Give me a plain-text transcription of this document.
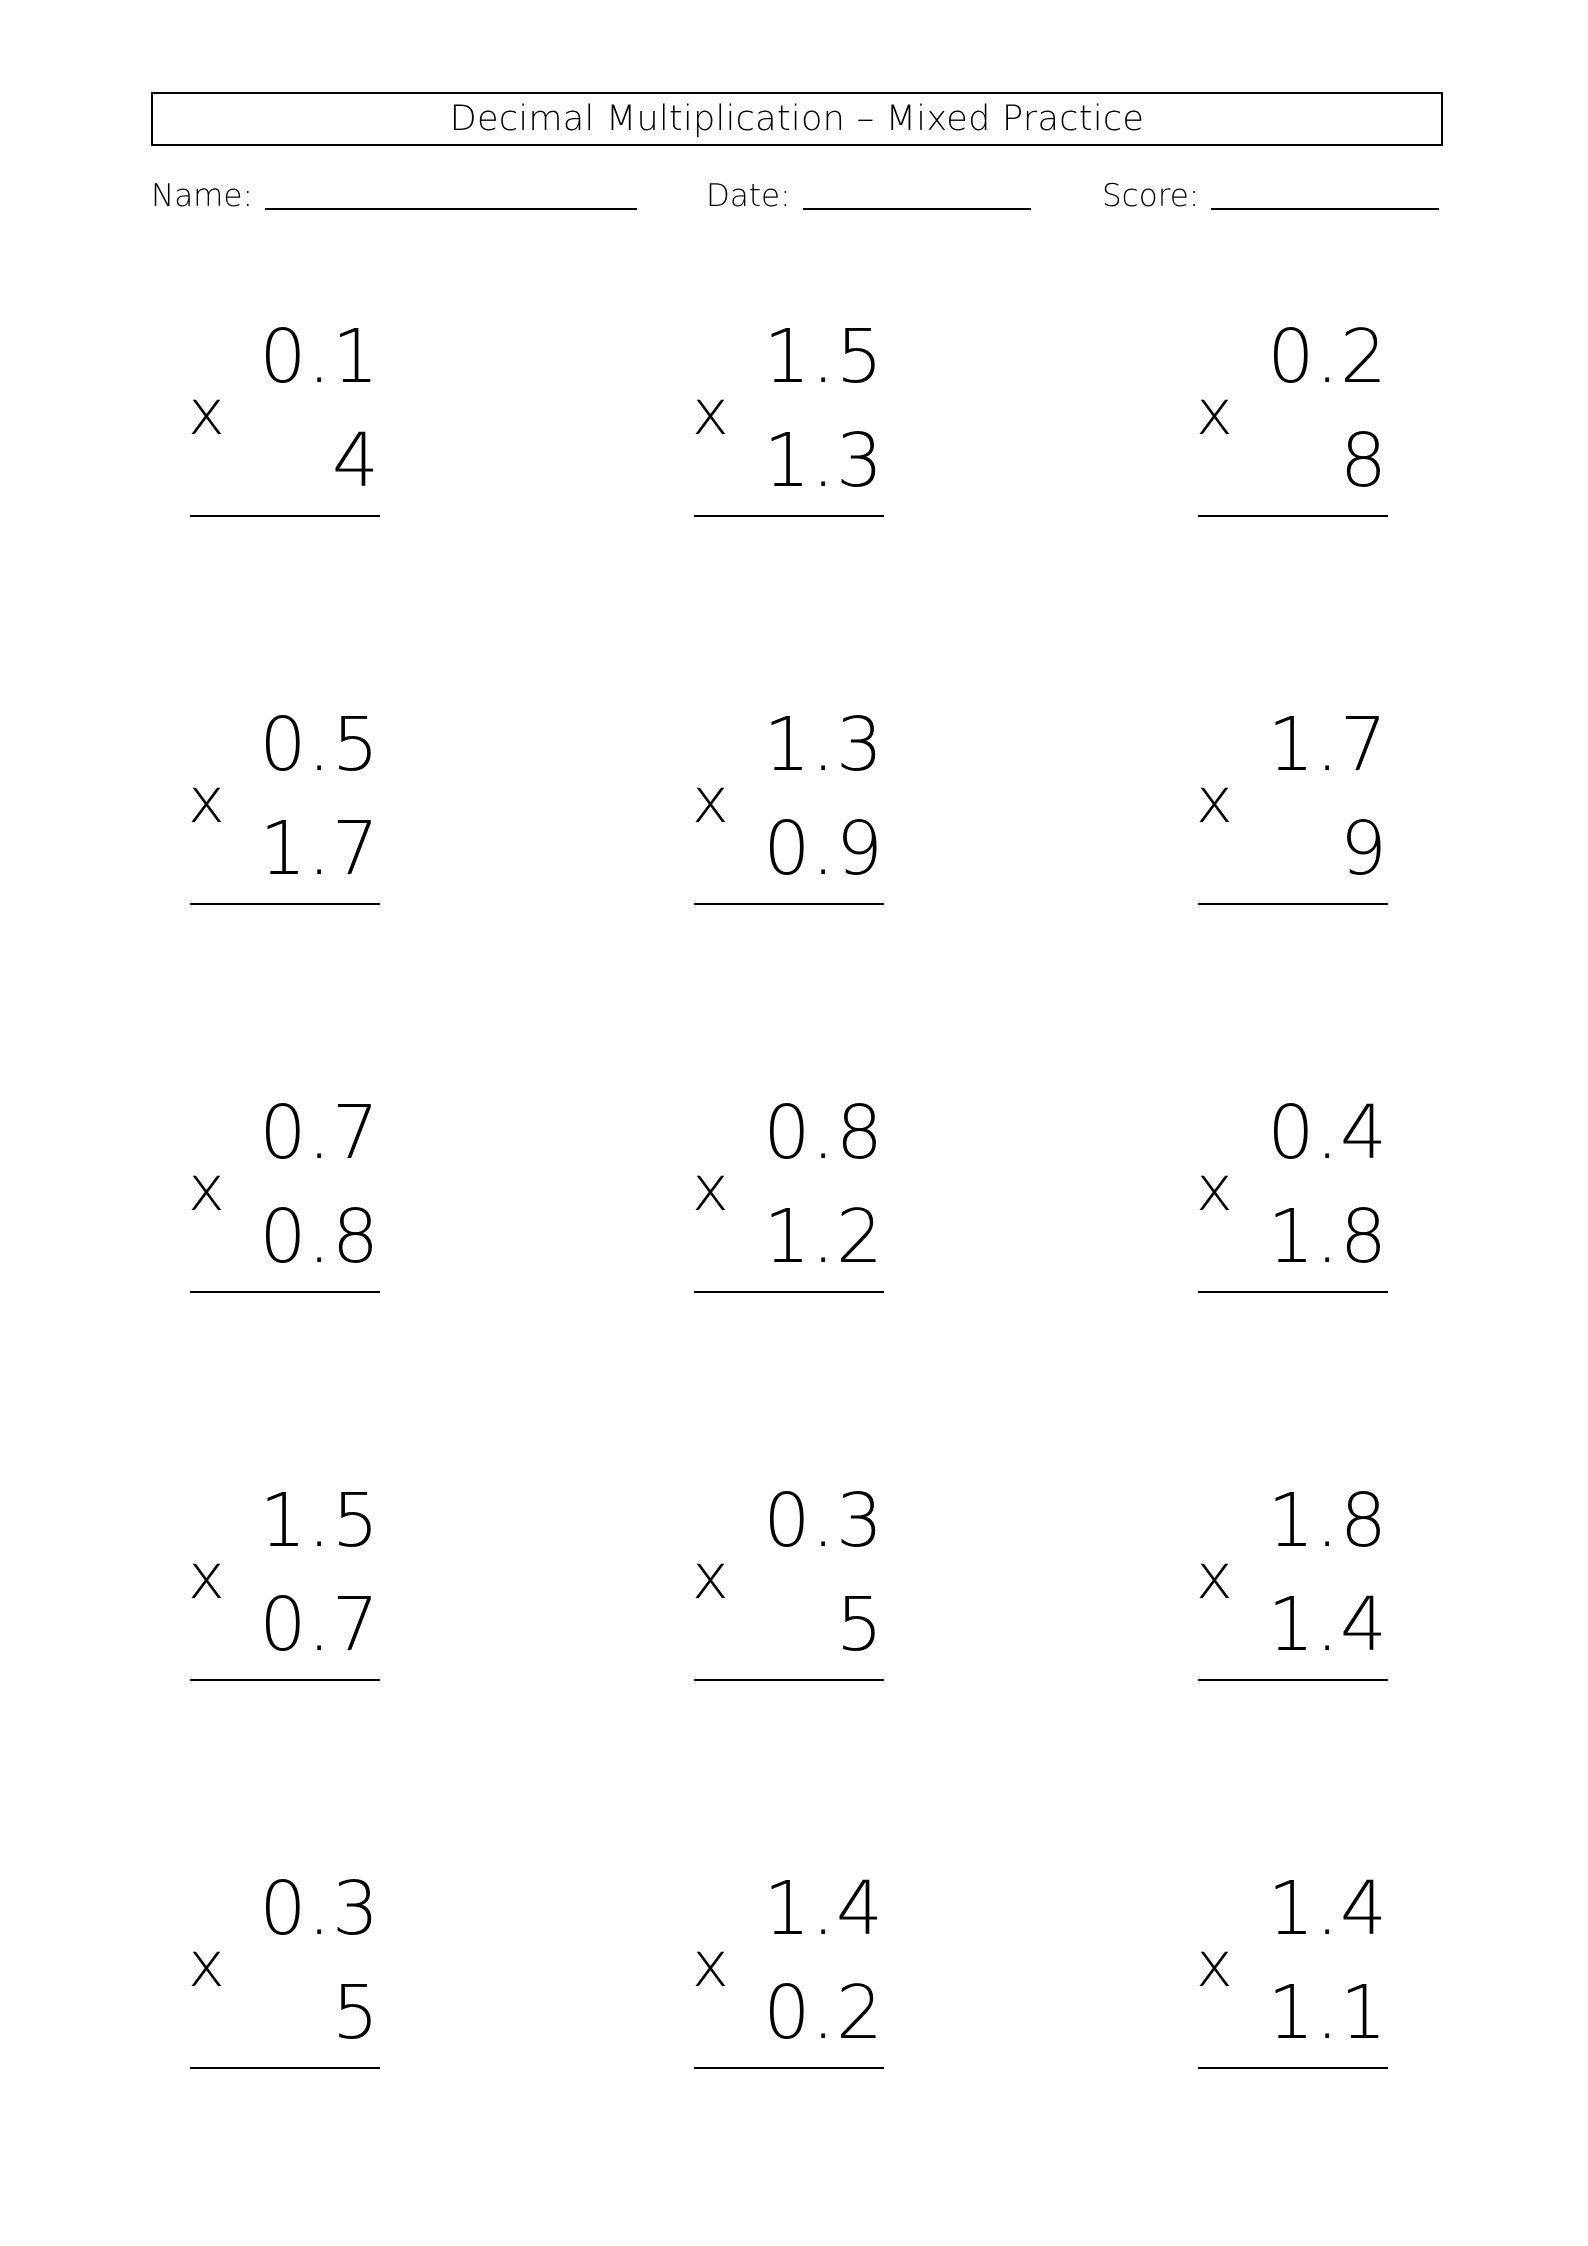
Decimal Multiplication – Mixed Practice
Name:	Date:	Score:
0.1
x
4
1.5
x
1.3
0.2
x
8
0.5
x
1.7
1.3
x
0.9
1.7
x
9
0.7
x
0.8
0.8
x
1.2
0.4
x
1.8
1.5
x
0.7
0.3
x
5
1.8
x
1.4
0.3
x
5
1.4
x
0.2
1.4
x
1.1
